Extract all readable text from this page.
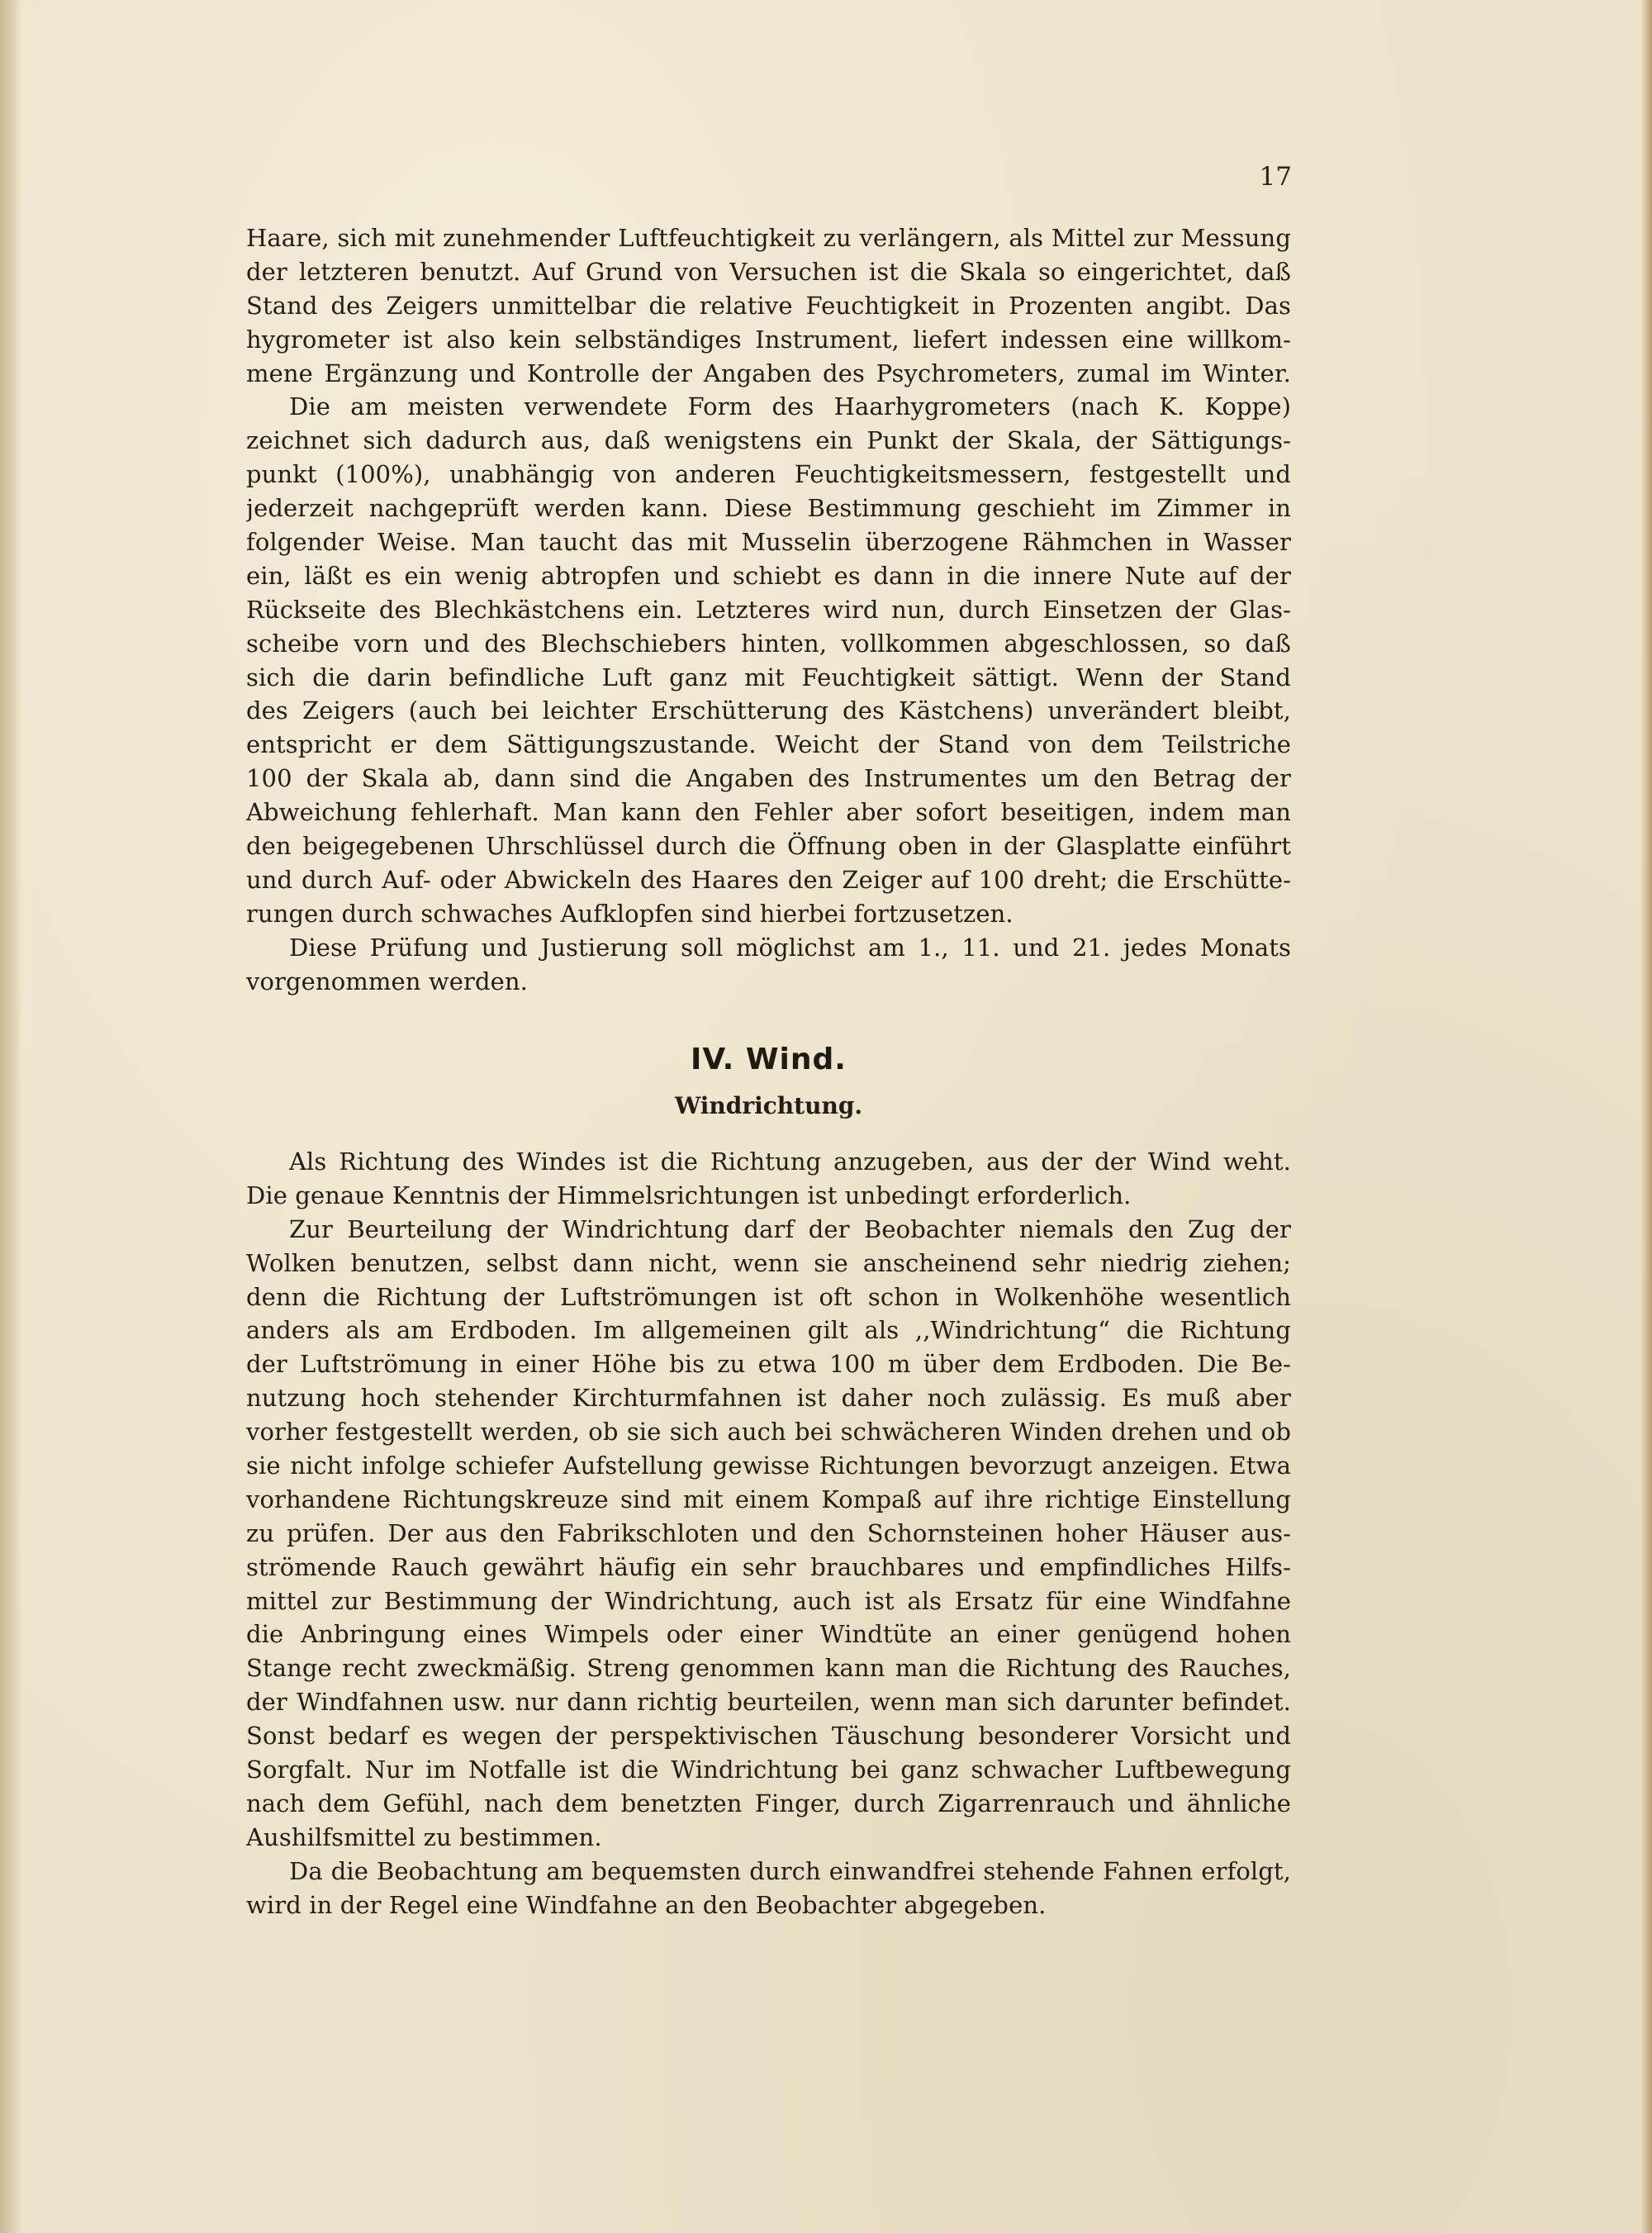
17
Haare, sich mit zunehmender Luftfeuchtigkeit zu verlängern, als Mittel zur Messung
der letzteren benutzt. Auf Grund von Versuchen ist die Skala so eingerichtet, daß
Stand des Zeigers unmittelbar die relative Feuchtigkeit in Prozenten angibt. Das
hygrometer ist also kein selbständiges Instrument, liefert indessen eine willkom-
mene Ergänzung und Kontrolle der Angaben des Psychrometers, zumal im Winter.
Die am meisten verwendete Form des Haarhygrometers (nach K. Koppe)
zeichnet sich dadurch aus, daß wenigstens ein Punkt der Skala, der Sättigungs-
punkt (100%), unabhängig von anderen Feuchtigkeitsmessern, festgestellt und
jederzeit nachgeprüft werden kann. Diese Bestimmung geschieht im Zimmer in
folgender Weise. Man taucht das mit Musselin überzogene Rähmchen in Wasser
ein, läßt es ein wenig abtropfen und schiebt es dann in die innere Nute auf der
Rückseite des Blechkästchens ein. Letzteres wird nun, durch Einsetzen der Glas-
scheibe vorn und des Blechschiebers hinten, vollkommen abgeschlossen, so daß
sich die darin befindliche Luft ganz mit Feuchtigkeit sättigt. Wenn der Stand
des Zeigers (auch bei leichter Erschütterung des Kästchens) unverändert bleibt,
entspricht er dem Sättigungszustande. Weicht der Stand von dem Teilstriche
100 der Skala ab, dann sind die Angaben des Instrumentes um den Betrag der
Abweichung fehlerhaft. Man kann den Fehler aber sofort beseitigen, indem man
den beigegebenen Uhrschlüssel durch die Öffnung oben in der Glasplatte einführt
und durch Auf- oder Abwickeln des Haares den Zeiger auf 100 dreht; die Erschütte-
rungen durch schwaches Aufklopfen sind hierbei fortzusetzen.
Diese Prüfung und Justierung soll möglichst am 1., 11. und 21. jedes Monats
vorgenommen werden.
IV. Wind.
Windrichtung.
Als Richtung des Windes ist die Richtung anzugeben, aus der der Wind weht.
Die genaue Kenntnis der Himmelsrichtungen ist unbedingt erforderlich.
Zur Beurteilung der Windrichtung darf der Beobachter niemals den Zug der
Wolken benutzen, selbst dann nicht, wenn sie anscheinend sehr niedrig ziehen;
denn die Richtung der Luftströmungen ist oft schon in Wolkenhöhe wesentlich
anders als am Erdboden. Im allgemeinen gilt als ,,Windrichtung“ die Richtung
der Luftströmung in einer Höhe bis zu etwa 100 m über dem Erdboden. Die Be-
nutzung hoch stehender Kirchturmfahnen ist daher noch zulässig. Es muß aber
vorher festgestellt werden, ob sie sich auch bei schwächeren Winden drehen und ob
sie nicht infolge schiefer Aufstellung gewisse Richtungen bevorzugt anzeigen. Etwa
vorhandene Richtungskreuze sind mit einem Kompaß auf ihre richtige Einstellung
zu prüfen. Der aus den Fabrikschloten und den Schornsteinen hoher Häuser aus-
strömende Rauch gewährt häufig ein sehr brauchbares und empfindliches Hilfs-
mittel zur Bestimmung der Windrichtung, auch ist als Ersatz für eine Windfahne
die Anbringung eines Wimpels oder einer Windtüte an einer genügend hohen
Stange recht zweckmäßig. Streng genommen kann man die Richtung des Rauches,
der Windfahnen usw. nur dann richtig beurteilen, wenn man sich darunter befindet.
Sonst bedarf es wegen der perspektivischen Täuschung besonderer Vorsicht und
Sorgfalt. Nur im Notfalle ist die Windrichtung bei ganz schwacher Luftbewegung
nach dem Gefühl, nach dem benetzten Finger, durch Zigarrenrauch und ähnliche
Aushilfsmittel zu bestimmen.
Da die Beobachtung am bequemsten durch einwandfrei stehende Fahnen erfolgt,
wird in der Regel eine Windfahne an den Beobachter abgegeben.
